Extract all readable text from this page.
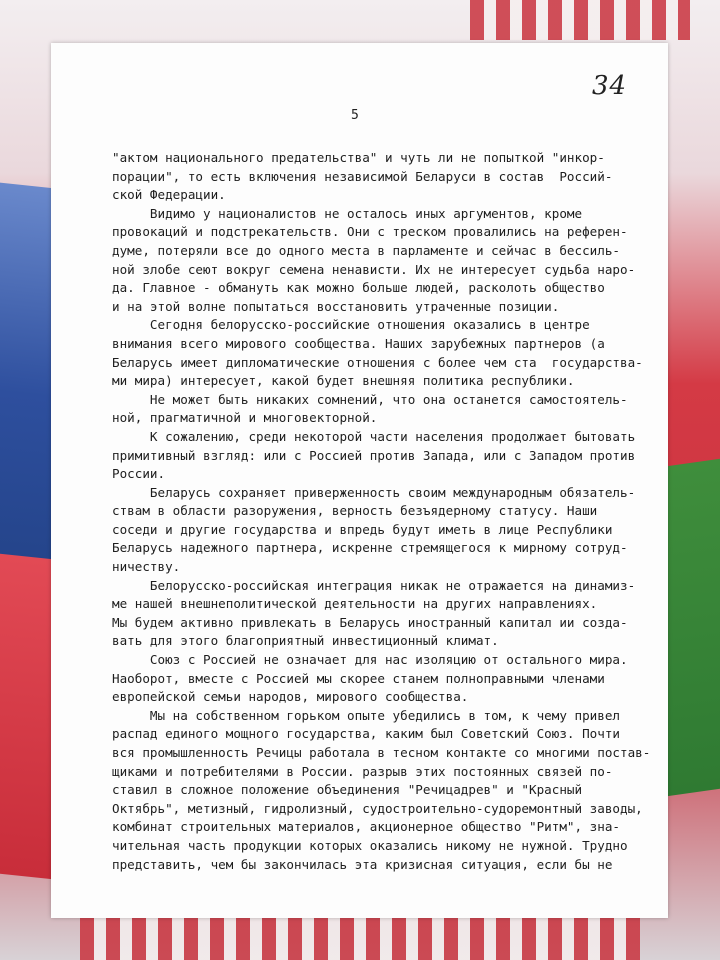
34
5
"актом национального предательства" и чуть ли не попыткой "инкор-
порации", то есть включения независимой Беларуси в состав  Россий-
ской Федерации.
Видимо у националистов не осталось иных аргументов, кроме
провокаций и подстрекательств. Они с треском провалились на референ-
думе, потеряли все до одного места в парламенте и сейчас в бессиль-
ной злобе сеют вокруг семена ненависти. Их не интересует судьба наро-
да. Главное - обмануть как можно больше людей, расколоть общество
и на этой волне попытаться восстановить утраченные позиции.
Сегодня белорусско-российские отношения оказались в центре
внимания всего мирового сообщества. Наших зарубежных партнеров (а
Беларусь имеет дипломатические отношения с более чем ста  государства-
ми мира) интересует, какой будет внешняя политика республики.
Не может быть никаких сомнений, что она останется самостоятель-
ной, прагматичной и многовекторной.
К сожалению, среди некоторой части населения продолжает бытовать
примитивный взгляд: или с Россией против Запада, или с Западом против
России.
Беларусь сохраняет приверженность своим международным обязатель-
ствам в области разоружения, верность безъядерному статусу. Наши
соседи и другие государства и впредь будут иметь в лице Республики
Беларусь надежного партнера, искренне стремящегося к мирному сотруд-
ничеству.
Белорусско-российская интеграция никак не отражается на динамиз-
ме нашей внешнеполитической деятельности на других направлениях.
Мы будем активно привлекать в Беларусь иностранный капитал ии созда-
вать для этого благоприятный инвестиционный климат.
Союз с Россией не означает для нас изоляцию от остального мира.
Наоборот, вместе с Россией мы скорее станем полноправными членами
европейской семьи народов, мирового сообщества.
Мы на собственном горьком опыте убедились в том, к чему привел
распад единого мощного государства, каким был Советский Союз. Почти
вся промышленность Речицы работала в тесном контакте со многими постав-
щиками и потребителями в России. разрыв этих постоянных связей по-
ставил в сложное положение объединения "Речицадрев" и "Красный
Октябрь", метизный, гидролизный, судостроительно-судоремонтный заводы,
комбинат строительных материалов, акционерное общество "Ритм", зна-
чительная часть продукции которых оказались никому не нужной. Трудно
представить, чем бы закончилась эта кризисная ситуация, если бы не
